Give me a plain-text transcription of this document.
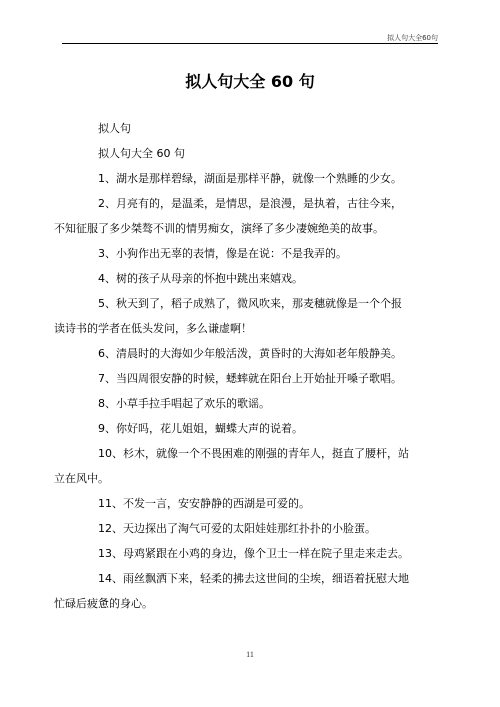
拟人句大全60句
拟人句大全 60 句

拟人句

拟人句大全 60 句

1、湖水是那样碧绿，湖面是那样平静，就像一个熟睡的少女。

2、月亮有的，是温柔，是情思，是浪漫，是执着，古往今来，
不知征服了多少桀骜不训的情男痴女，演绎了多少凄婉绝美的故事。

3、小狗作出无辜的表情，像是在说：不是我弄的。

4、树的孩子从母亲的怀抱中跳出来嬉戏。

5、秋天到了，稻子成熟了，微风吹来，那麦穗就像是一个个报
读诗书的学者在低头发问，多么谦虚啊！

6、清晨时的大海如少年般活泼，黄昏时的大海如老年般静美。

7、当四周很安静的时候，蟋蟀就在阳台上开始扯开嗓子歌唱。

8、小草手拉手唱起了欢乐的歌谣。

9、你好吗，花儿姐姐，蝴蝶大声的说着。

10、杉木，就像一个不畏困难的刚强的青年人，挺直了腰杆，站
立在风中。

11、不发一言，安安静静的西湖是可爱的。

12、天边探出了淘气可爱的太阳娃娃那红扑扑的小脸蛋。

13、母鸡紧跟在小鸡的身边，像个卫士一样在院子里走来走去。

14、雨丝飘洒下来，轻柔的拂去这世间的尘埃，细语着抚慰大地
忙碌后疲惫的身心。

11
